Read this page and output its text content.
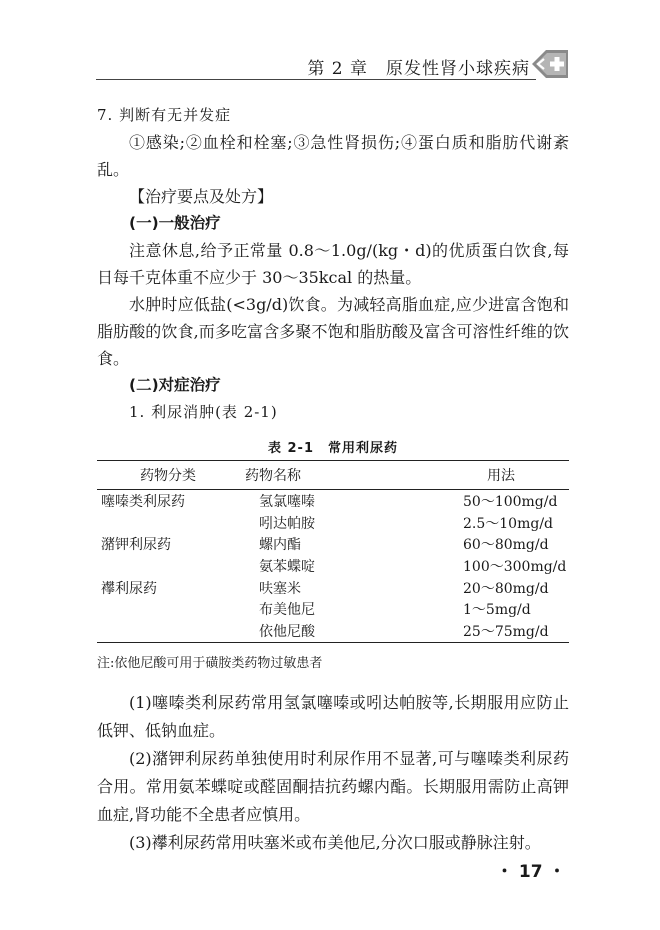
第 2 章　原发性肾小球疾病
7. 判断有无并发症
①感染;②血栓和栓塞;③急性肾损伤;④蛋白质和脂肪代谢紊乱。
【治疗要点及处方】
(一)一般治疗
注意休息,给予正常量 0.8～1.0g/(kg・d)的优质蛋白饮食,每日每千克体重不应少于 30～35kcal 的热量。
水肿时应低盐(<3g/d)饮食。为减轻高脂血症,应少进富含饱和脂肪酸的饮食,而多吃富含多聚不饱和脂肪酸及富含可溶性纤维的饮食。
(二)对症治疗
1. 利尿消肿(表 2-1)
表 2-1　常用利尿药
药物分类	药物名称	用法
噻嗪类利尿药	氢氯噻嗪	50～100mg/d
	吲达帕胺	2.5～10mg/d
潴钾利尿药	螺内酯	60～80mg/d
	氨苯蝶啶	100～300mg/d
襻利尿药	呋塞米	20～80mg/d
	布美他尼	1～5mg/d
	依他尼酸	25～75mg/d
注:依他尼酸可用于磺胺类药物过敏患者
(1)噻嗪类利尿药常用氢氯噻嗪或吲达帕胺等,长期服用应防止低钾、低钠血症。
(2)潴钾利尿药单独使用时利尿作用不显著,可与噻嗪类利尿药合用。常用氨苯蝶啶或醛固酮拮抗药螺内酯。长期服用需防止高钾血症,肾功能不全患者应慎用。
(3)襻利尿药常用呋塞米或布美他尼,分次口服或静脉注射。
・ 17 ・
